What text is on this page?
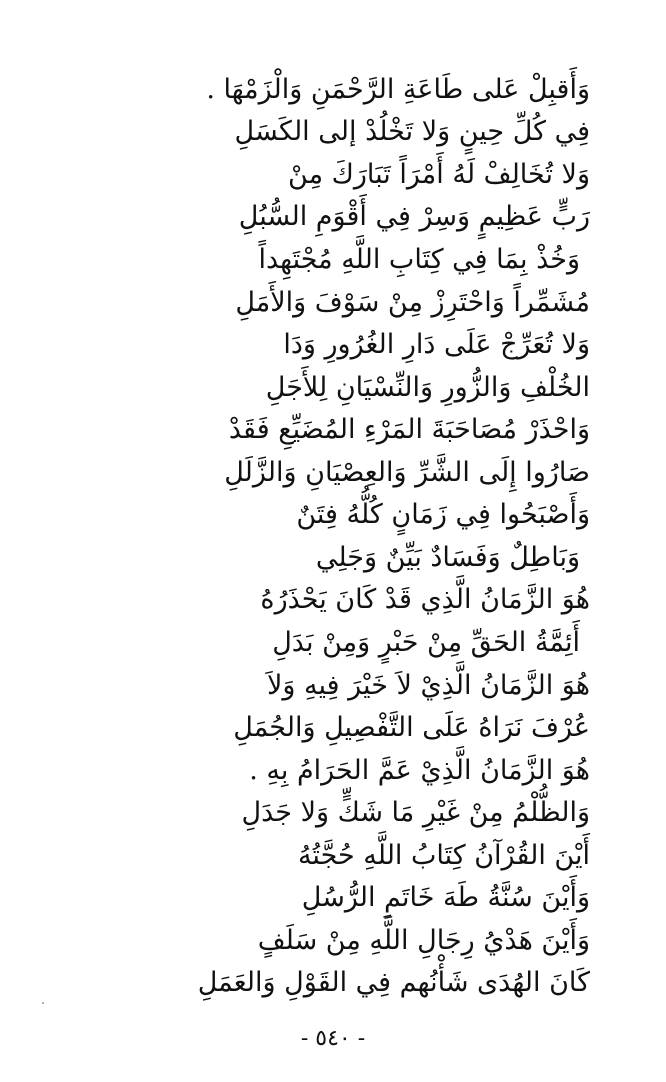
وَأَقبِلْ عَلى طَاعَةِ الرَّحْمَنِ وَالْزَمْهَا .
فِي كُلِّ حِينٍ وَلا تَخْلُدْ إلى الكَسَلِ
وَلا تُخَالِفْ لَهُ أَمْرَاً تَبَارَكَ مِنْ
رَبٍّ عَظِيمٍ وَسِرْ فِي أَقْوَمِ السُّبُلِ
وَخُذْ بِمَا فِي كِتَابِ اللَّهِ مُجْتَهِداً
مُشَمِّراً وَاحْتَرِزْ مِنْ سَوْفَ وَالأَمَلِ
وَلا تُعَرِّجْ عَلَى دَارِ الغُرُورِ وَدَا
الخُلْفِ وَالزُّورِ وَالنِّسْيَانِ لِلأَجَلِ
وَاحْذَرْ مُصَاحَبَةَ المَرْءِ المُضَيِّعِ فَقَدْ
صَارُوا إِلَى الشَّرِّ وَالعِصْيَانِ وَالزَّلَلِ
وَأَصْبَحُوا فِي زَمَانٍ كُلُّهُ فِتَنٌ
وَبَاطِلٌ وَفَسَادٌ بَيِّنٌ وَجَلِي
هُوَ الزَّمَانُ الَّذِي قَدْ كَانَ يَحْذَرُهُ
أَئِمَّةُ الحَقِّ مِنْ حَبْرٍ وَمِنْ بَدَلِ
هُوَ الزَّمَانُ الَّذِيْ لاَ خَيْرَ فِيهِ وَلاَ
عُرْفَ نَرَاهُ عَلَى التَّفْصِيلِ وَالجُمَلِ
هُوَ الزَّمَانُ الَّذِيْ عَمَّ الحَرَامُ بِهِ .
وَالظُّلْمُ مِنْ غَيْرِ مَا شَكٍّ وَلا جَدَلِ
أَيْنَ القُرْآنُ كِتَابُ اللَّهِ حُجَّتُهُ
وَأَيْنَ سُنَّةُ طَهَ خَاتَمِ الرُّسُلِ
وَأَيْنَ هَدْيُ رِجَالِ اللَّهِ مِنْ سَلَفٍ
كَانَ الهُدَى شَأْنُهم فِي القَوْلِ وَالعَمَلِ
- ٥٤٠ -
